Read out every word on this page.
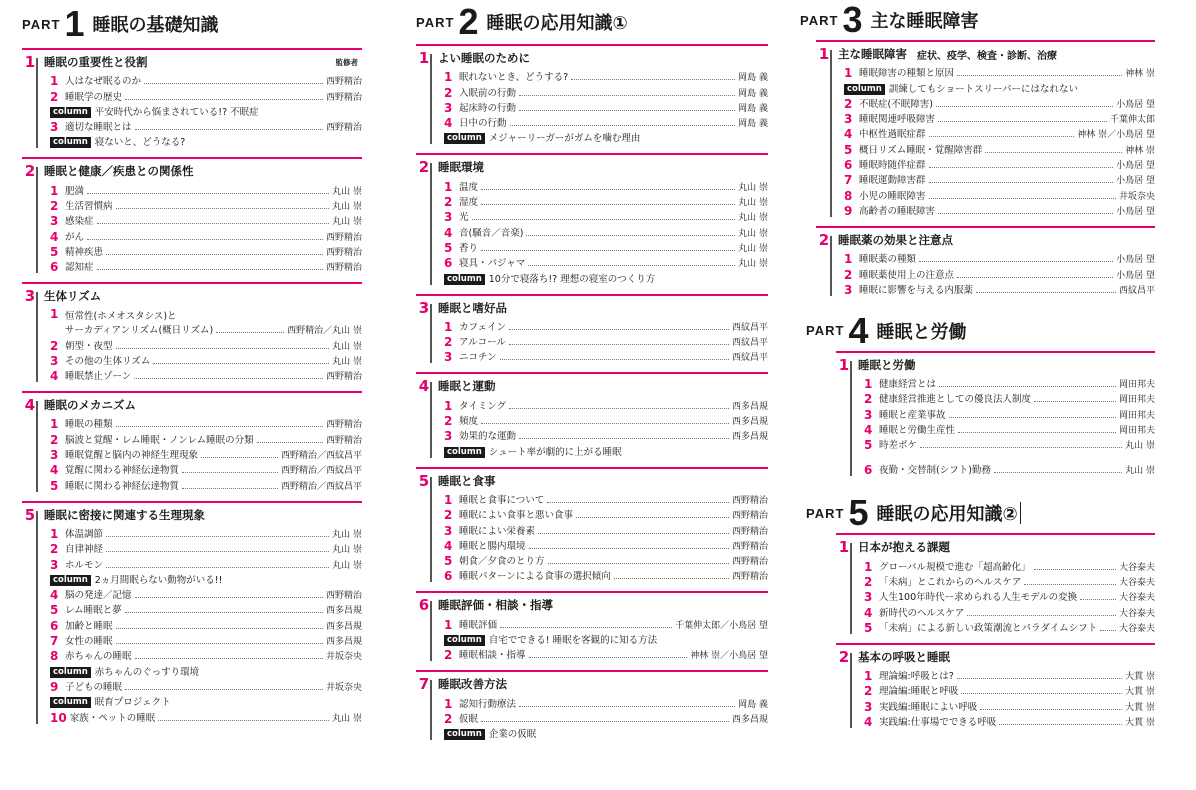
PART 1 睡眠の基礎知識
1 睡眠の重要性と役割	監修者
1 人はなぜ眠るのか	西野精治
2 睡眠学の歴史	西野精治
column 平安時代から悩まされている!? 不眠症
3 適切な睡眠とは	西野精治
column 寝ないと、どうなる?
2 睡眠と健康／疾患との関係性
1 肥満	丸山 崇
2 生活習慣病	丸山 崇
3 感染症	丸山 崇
4 がん	西野精治
5 精神疾患	西野精治
6 認知症	西野精治
3 生体リズム
1 恒常性(ホメオスタシス)と
サーカディアンリズム(概日リズム)	西野精治／丸山 崇
2 朝型・夜型	丸山 崇
3 その他の生体リズム	丸山 崇
4 睡眠禁止ゾーン	西野精治
4 睡眠のメカニズム
1 睡眠の種類	西野精治
2 脳波と覚醒・レム睡眠・ノンレム睡眠の分類	西野精治
3 睡眠覚醒と脳内の神経生理現象	西野精治／西紋昌平
4 覚醒に関わる神経伝達物質	西野精治／西紋昌平
5 睡眠に関わる神経伝達物質	西野精治／西紋昌平
5 睡眠に密接に関連する生理現象
1 体温調節	丸山 崇
2 自律神経	丸山 崇
3 ホルモン	丸山 崇
column 2ヵ月間眠らない動物がいる!!
4 脳の発達／記憶	西野精治
5 レム睡眠と夢	西多昌規
6 加齢と睡眠	西多昌規
7 女性の睡眠	西多昌規
8 赤ちゃんの睡眠	井坂奈央
column 赤ちゃんのぐっすり環境
9 子どもの睡眠	井坂奈央
column 眠育プロジェクト
10 家族・ペットの睡眠	丸山 崇
PART 2 睡眠の応用知識①
1 よい睡眠のために
1 眠れないとき、どうする?	岡島 義
2 入眠前の行動	岡島 義
3 起床時の行動	岡島 義
4 日中の行動	岡島 義
column メジャーリーガーがガムを噛む理由
2 睡眠環境
1 温度	丸山 崇
2 湿度	丸山 崇
3 光	丸山 崇
4 音(騒音／音楽)	丸山 崇
5 香り	丸山 崇
6 寝具・パジャマ	丸山 崇
column 10分で寝落ち!? 理想の寝室のつくり方
3 睡眠と嗜好品
1 カフェイン	西紋昌平
2 アルコール	西紋昌平
3 ニコチン	西紋昌平
4 睡眠と運動
1 タイミング	西多昌規
2 頻度	西多昌規
3 効果的な運動	西多昌規
column シュート率が劇的に上がる睡眠
5 睡眠と食事
1 睡眠と食事について	西野精治
2 睡眠によい食事と悪い食事	西野精治
3 睡眠によい栄養素	西野精治
4 睡眠と腸内環境	西野精治
5 朝食／夕食のとり方	西野精治
6 睡眠パターンによる食事の選択傾向	西野精治
6 睡眠評価・相談・指導
1 睡眠評価	千葉伸太郎／小鳥居 望
column 自宅でできる! 睡眠を客観的に知る方法
2 睡眠相談・指導	神林 崇／小鳥居 望
7 睡眠改善方法
1 認知行動療法	岡島 義
2 仮眠	西多昌規
column 企業の仮眠
PART 3 主な睡眠障害
1 主な睡眠障害 症状、疫学、検査・診断、治療
1 睡眠障害の種類と原因	神林 崇
column 訓練してもショートスリーパーにはなれない
2 不眠症(不眠障害)	小鳥居 望
3 睡眠関連呼吸障害	千葉伸太郎
4 中枢性過眠症群	神林 崇／小鳥居 望
5 概日リズム睡眠・覚醒障害群	神林 崇
6 睡眠時随伴症群	小鳥居 望
7 睡眠運動障害群	小鳥居 望
8 小児の睡眠障害	井坂奈央
9 高齢者の睡眠障害	小鳥居 望
2 睡眠薬の効果と注意点
1 睡眠薬の種類	小鳥居 望
2 睡眠薬使用上の注意点	小鳥居 望
3 睡眠に影響を与える内服薬	西紋昌平
PART 4 睡眠と労働
1 睡眠と労働
1 健康経営とは	岡田邦夫
2 健康経営推進としての優良法人制度	岡田邦夫
3 睡眠と産業事故	岡田邦夫
4 睡眠と労働生産性	岡田邦夫
5 時差ボケ	丸山 崇
6 夜勤・交替制(シフト)勤務	丸山 崇
PART 5 睡眠の応用知識②
1 日本が抱える課題
1 グローバル規模で進む「超高齢化」	大谷泰夫
2 「未病」とこれからのヘルスケア	大谷泰夫
3 人生100年時代ー求められる人生モデルの変換	大谷泰夫
4 新時代のヘルスケア	大谷泰夫
5 「未病」による新しい政策潮流とパラダイムシフト 大谷泰夫
2 基本の呼吸と睡眠
1 理論編:呼吸とは?	大貫 崇
2 理論編:睡眠と呼吸	大貫 崇
3 実践編:睡眠によい呼吸	大貫 崇
4 実践編:仕事場でできる呼吸	大貫 崇
